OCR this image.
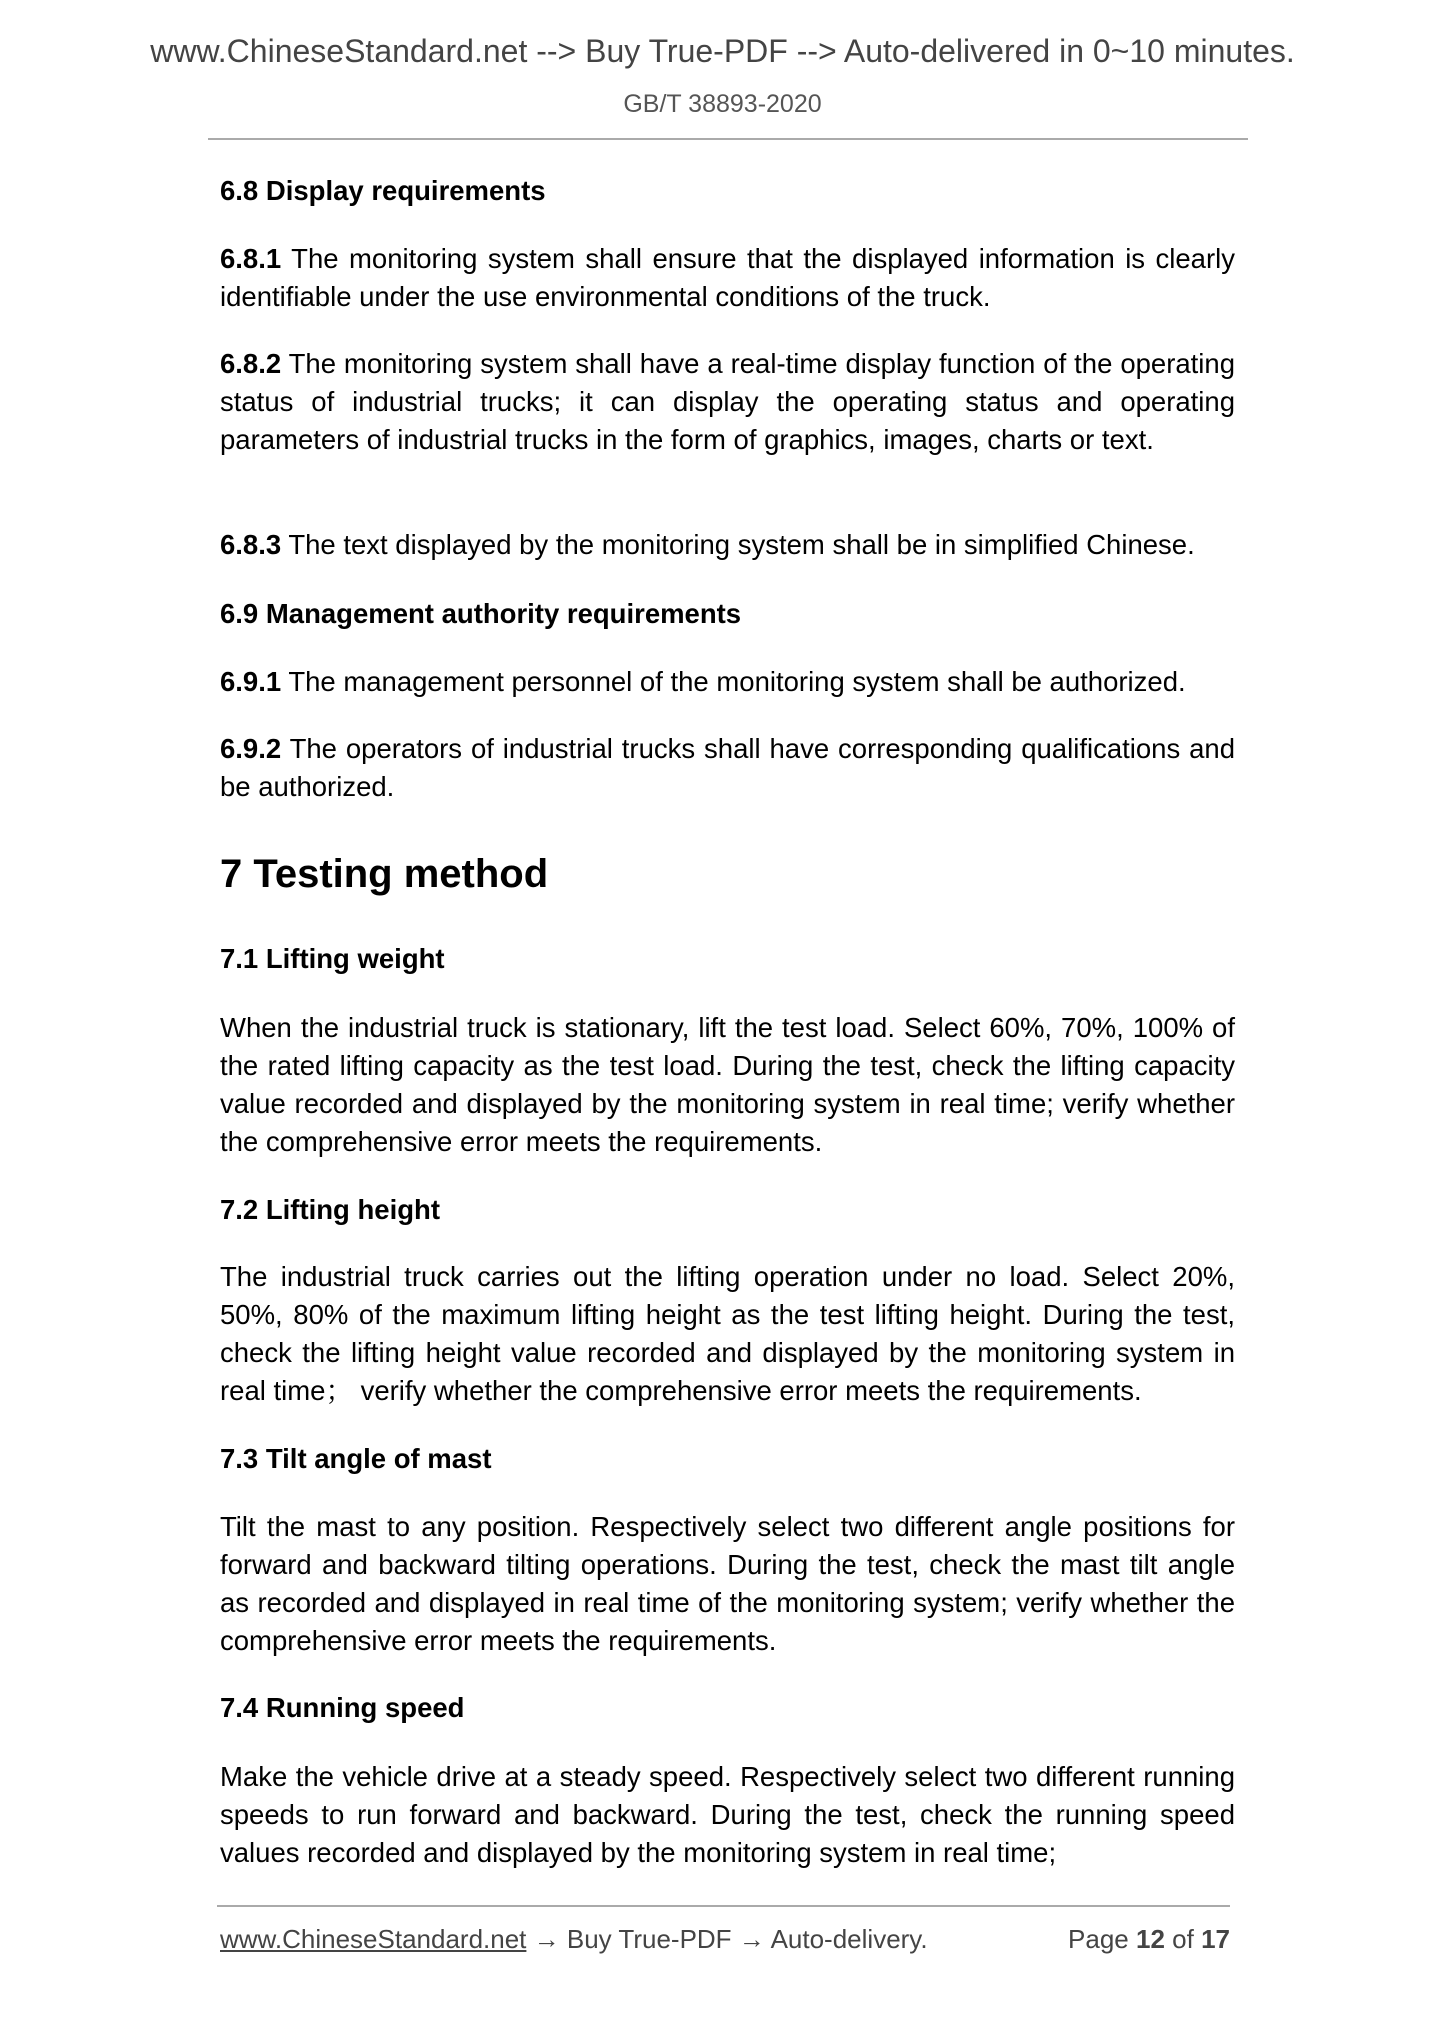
www.ChineseStandard.net --> Buy True-PDF --> Auto-delivered in 0~10 minutes.
GB/T 38893-2020
6.8 Display requirements
6.8.1 The monitoring system shall ensure that the displayed information is clearly identifiable under the use environmental conditions of the truck.
6.8.2 The monitoring system shall have a real-time display function of the operating status of industrial trucks; it can display the operating status and operating parameters of industrial trucks in the form of graphics, images, charts or text.
6.8.3 The text displayed by the monitoring system shall be in simplified Chinese.
6.9 Management authority requirements
6.9.1 The management personnel of the monitoring system shall be authorized.
6.9.2 The operators of industrial trucks shall have corresponding qualifications and be authorized.
7 Testing method
7.1 Lifting weight
When the industrial truck is stationary, lift the test load. Select 60%, 70%, 100% of the rated lifting capacity as the test load. During the test, check the lifting capacity value recorded and displayed by the monitoring system in real time; verify whether the comprehensive error meets the requirements.
7.2 Lifting height
The industrial truck carries out the lifting operation under no load. Select 20%, 50%, 80% of the maximum lifting height as the test lifting height. During the test, check the lifting height value recorded and displayed by the monitoring system in real time； verify whether the comprehensive error meets the requirements.
7.3 Tilt angle of mast
Tilt the mast to any position. Respectively select two different angle positions for forward and backward tilting operations. During the test, check the mast tilt angle as recorded and displayed in real time of the monitoring system; verify whether the comprehensive error meets the requirements.
7.4 Running speed
Make the vehicle drive at a steady speed. Respectively select two different running speeds to run forward and backward. During the test, check the running speed values recorded and displayed by the monitoring system in real time;
www.ChineseStandard.net → Buy True-PDF → Auto-delivery.	Page 12 of 17
